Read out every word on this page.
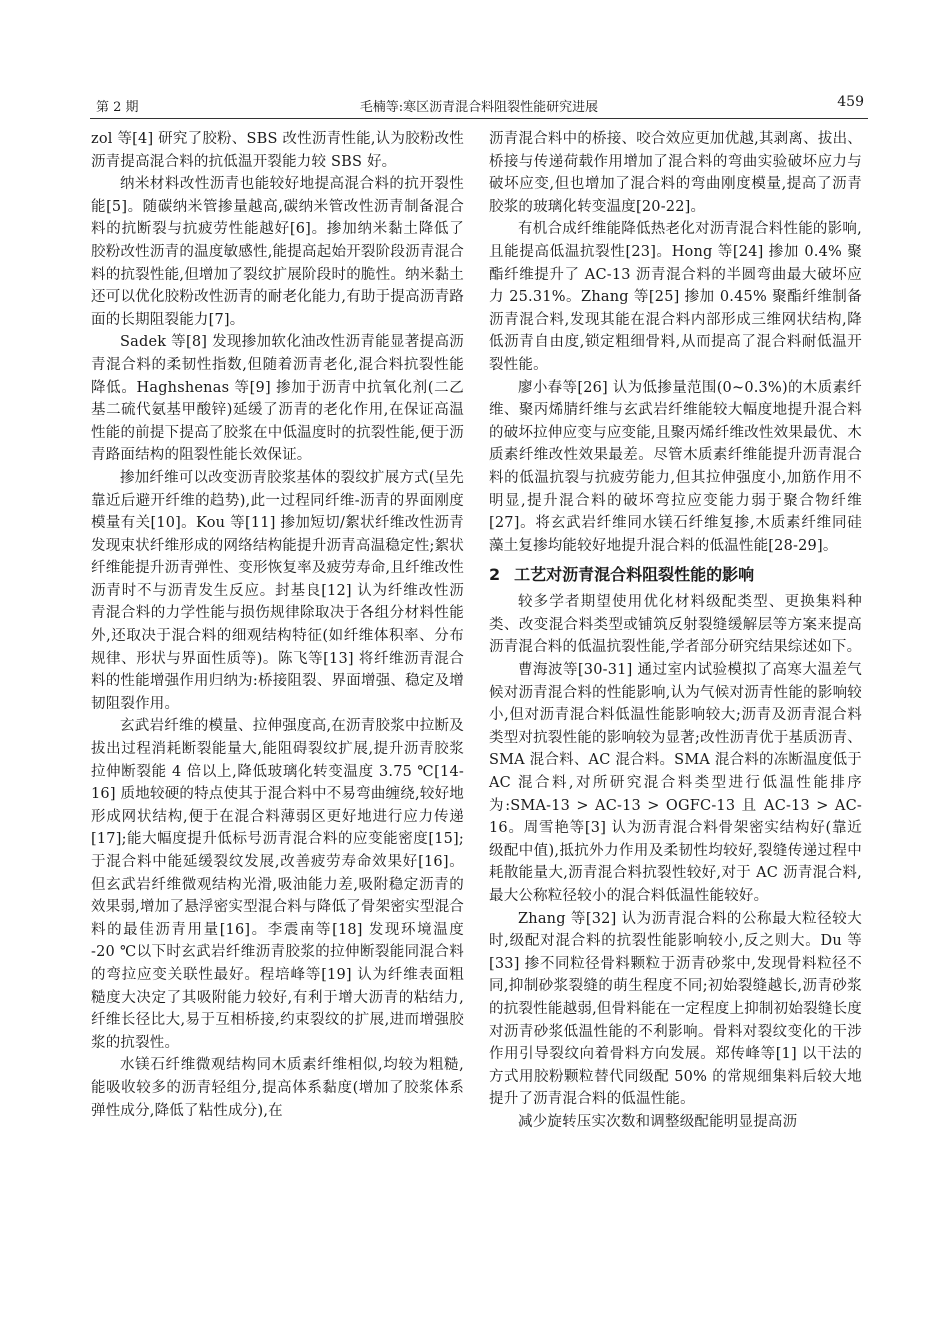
第 2 期	毛楠等:寒区沥青混合料阻裂性能研究进展	459

zol 等[4] 研究了胶粉、SBS 改性沥青性能,认为胶粉改性沥青提高混合料的抗低温开裂能力较 SBS 好。

纳米材料改性沥青也能较好地提高混合料的抗开裂性能[5]。随碳纳米管掺量越高,碳纳米管改性沥青制备混合料的抗断裂与抗疲劳性能越好[6]。掺加纳米黏土降低了胶粉改性沥青的温度敏感性,能提高起始开裂阶段沥青混合料的抗裂性能,但增加了裂纹扩展阶段时的脆性。纳米黏土还可以优化胶粉改性沥青的耐老化能力,有助于提高沥青路面的长期阻裂能力[7]。

Sadek 等[8] 发现掺加软化油改性沥青能显著提高沥青混合料的柔韧性指数,但随着沥青老化,混合料抗裂性能降低。Haghshenas 等[9] 掺加于沥青中抗氧化剂(二乙基二硫代氨基甲酸锌)延缓了沥青的老化作用,在保证高温性能的前提下提高了胶浆在中低温度时的抗裂性能,便于沥青路面结构的阻裂性能长效保证。

掺加纤维可以改变沥青胶浆基体的裂纹扩展方式(呈先靠近后避开纤维的趋势),此一过程同纤维-沥青的界面刚度模量有关[10]。Kou 等[11] 掺加短切/絮状纤维改性沥青发现束状纤维形成的网络结构能提升沥青高温稳定性;絮状纤维能提升沥青弹性、变形恢复率及疲劳寿命,且纤维改性沥青时不与沥青发生反应。封基良[12] 认为纤维改性沥青混合料的力学性能与损伤规律除取决于各组分材料性能外,还取决于混合料的细观结构特征(如纤维体积率、分布规律、形状与界面性质等)。陈飞等[13] 将纤维沥青混合料的性能增强作用归纳为:桥接阻裂、界面增强、稳定及增韧阻裂作用。

玄武岩纤维的模量、拉伸强度高,在沥青胶浆中拉断及拔出过程消耗断裂能量大,能阻碍裂纹扩展,提升沥青胶浆拉伸断裂能 4 倍以上,降低玻璃化转变温度 3.75 ℃[14-16] 质地较硬的特点使其于混合料中不易弯曲缠绕,较好地形成网状结构,便于在混合料薄弱区更好地进行应力传递[17];能大幅度提升低标号沥青混合料的应变能密度[15];于混合料中能延缓裂纹发展,改善疲劳寿命效果好[16]。但玄武岩纤维微观结构光滑,吸油能力差,吸附稳定沥青的效果弱,增加了悬浮密实型混合料与降低了骨架密实型混合料的最佳沥青用量[16]。李震南等[18] 发现环境温度 -20 ℃以下时玄武岩纤维沥青胶浆的拉伸断裂能同混合料的弯拉应变关联性最好。程培峰等[19] 认为纤维表面粗糙度大决定了其吸附能力较好,有利于增大沥青的粘结力,纤维长径比大,易于互相桥接,约束裂纹的扩展,进而增强胶浆的抗裂性。

水镁石纤维微观结构同木质素纤维相似,均较为粗糙,能吸收较多的沥青轻组分,提高体系黏度(增加了胶浆体系弹性成分,降低了粘性成分),在

沥青混合料中的桥接、咬合效应更加优越,其剥离、拔出、桥接与传递荷载作用增加了混合料的弯曲实验破坏应力与破坏应变,但也增加了混合料的弯曲刚度模量,提高了沥青胶浆的玻璃化转变温度[20-22]。

有机合成纤维能降低热老化对沥青混合料性能的影响,且能提高低温抗裂性[23]。Hong 等[24] 掺加 0.4% 聚酯纤维提升了 AC-13 沥青混合料的半圆弯曲最大破坏应力 25.31%。Zhang 等[25] 掺加 0.45% 聚酯纤维制备沥青混合料,发现其能在混合料内部形成三维网状结构,降低沥青自由度,锁定粗细骨料,从而提高了混合料耐低温开裂性能。

廖小春等[26] 认为低掺量范围(0~0.3%)的木质素纤维、聚丙烯腈纤维与玄武岩纤维能较大幅度地提升混合料的破坏拉伸应变与应变能,且聚丙烯纤维改性效果最优、木质素纤维改性效果最差。尽管木质素纤维能提升沥青混合料的低温抗裂与抗疲劳能力,但其拉伸强度小,加筋作用不明显,提升混合料的破坏弯拉应变能力弱于聚合物纤维[27]。将玄武岩纤维同水镁石纤维复掺,木质素纤维同硅藻土复掺均能较好地提升混合料的低温性能[28-29]。

2 工艺对沥青混合料阻裂性能的影响

较多学者期望使用优化材料级配类型、更换集料种类、改变混合料类型或铺筑反射裂缝缓解层等方案来提高沥青混合料的低温抗裂性能,学者部分研究结果综述如下。

曹海波等[30-31] 通过室内试验模拟了高寒大温差气候对沥青混合料的性能影响,认为气候对沥青性能的影响较小,但对沥青混合料低温性能影响较大;沥青及沥青混合料类型对抗裂性能的影响较为显著;改性沥青优于基质沥青、SMA 混合料、AC 混合料。SMA 混合料的冻断温度低于 AC 混合料,对所研究混合料类型进行低温性能排序为:SMA-13 > AC-13 > OGFC-13 且 AC-13 > AC-16。周雪艳等[3] 认为沥青混合料骨架密实结构好(靠近级配中值),抵抗外力作用及柔韧性均较好,裂缝传递过程中耗散能量大,沥青混合料抗裂性较好,对于 AC 沥青混合料,最大公称粒径较小的混合料低温性能较好。

Zhang 等[32] 认为沥青混合料的公称最大粒径较大时,级配对混合料的抗裂性能影响较小,反之则大。Du 等[33] 掺不同粒径骨料颗粒于沥青砂浆中,发现骨料粒径不同,抑制砂浆裂缝的萌生程度不同;初始裂缝越长,沥青砂浆的抗裂性能越弱,但骨料能在一定程度上抑制初始裂缝长度对沥青砂浆低温性能的不利影响。骨料对裂纹变化的干涉作用引导裂纹向着骨料方向发展。郑传峰等[1] 以干法的方式用胶粉颗粒替代同级配 50% 的常规细集料后较大地提升了沥青混合料的低温性能。

减少旋转压实次数和调整级配能明显提高沥
